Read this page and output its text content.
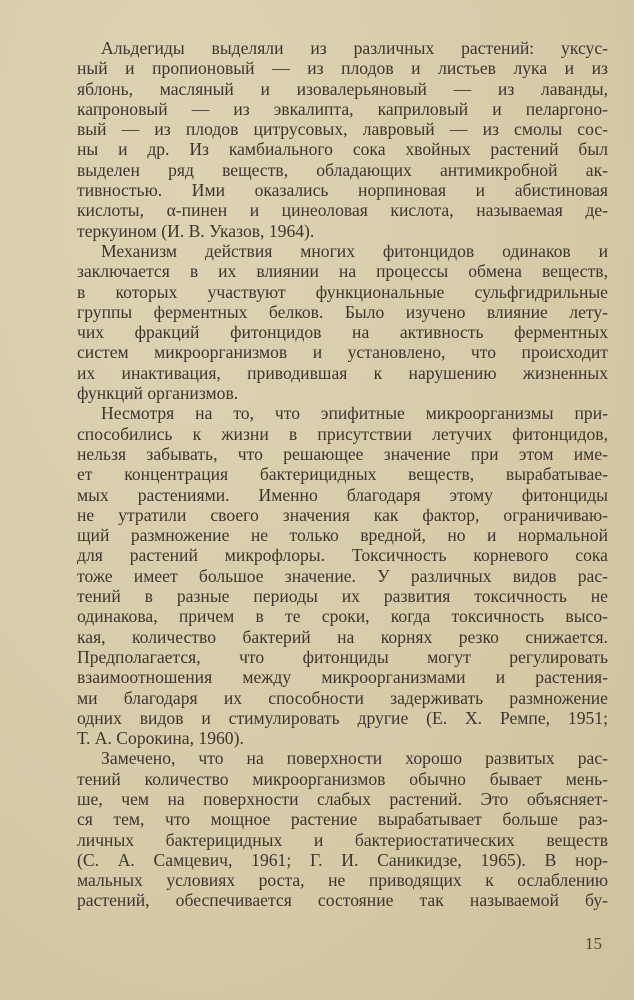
Альдегиды выделяли из различных растений: уксус-
ный и пропионовый — из плодов и листьев лука и из
яблонь, масляный и изовалерьяновый — из лаванды,
капроновый — из эвкалипта, каприловый и пеларгоно-
вый — из плодов цитрусовых, лавровый — из смолы сос-
ны и др. Из камбиального сока хвойных растений был
выделен ряд веществ, обладающих антимикробной ак-
тивностью. Ими оказались норпиновая и абистиновая
кислоты, α-пинен и цинеоловая кислота, называемая де-
теркуином (И. В. Указов, 1964).
Механизм действия многих фитонцидов одинаков и
заключается в их влиянии на процессы обмена веществ,
в которых участвуют функциональные сульфгидрильные
группы ферментных белков. Было изучено влияние лету-
чих фракций фитонцидов на активность ферментных
систем микроорганизмов и установлено, что происходит
их инактивация, приводившая к нарушению жизненных
функций организмов.
Несмотря на то, что эпифитные микроорганизмы при-
способились к жизни в присутствии летучих фитонцидов,
нельзя забывать, что решающее значение при этом име-
ет концентрация бактерицидных веществ, вырабатывае-
мых растениями. Именно благодаря этому фитонциды
не утратили своего значения как фактор, ограничиваю-
щий размножение не только вредной, но и нормальной
для растений микрофлоры. Токсичность корневого сока
тоже имеет большое значение. У различных видов рас-
тений в разные периоды их развития токсичность не
одинакова, причем в те сроки, когда токсичность высо-
кая, количество бактерий на корнях резко снижается.
Предполагается, что фитонциды могут регулировать
взаимоотношения между микроорганизмами и растения-
ми благодаря их способности задерживать размножение
одних видов и стимулировать другие (Е. Х. Ремпе, 1951;
Т. А. Сорокина, 1960).
Замечено, что на поверхности хорошо развитых рас-
тений количество микроорганизмов обычно бывает мень-
ше, чем на поверхности слабых растений. Это объясняет-
ся тем, что мощное растение вырабатывает больше раз-
личных бактерицидных и бактериостатических веществ
(С. А. Самцевич, 1961; Г. И. Саникидзе, 1965). В нор-
мальных условиях роста, не приводящих к ослаблению
растений, обеспечивается состояние так называемой бу-
15
